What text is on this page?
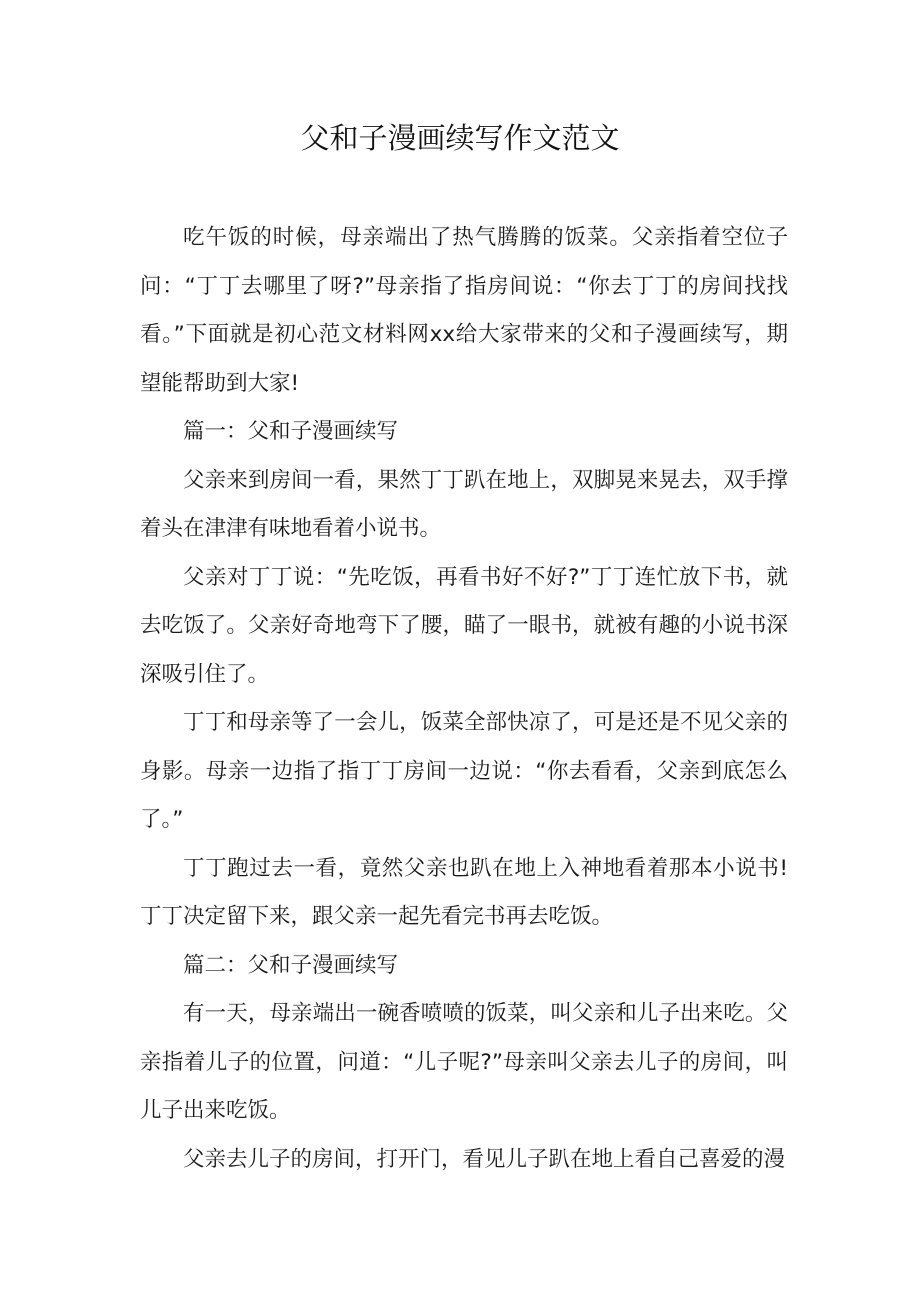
父和子漫画续写作文范文

吃午饭的时候，母亲端出了热气腾腾的饭菜。父亲指着空位子问：“丁丁去哪里了呀?”母亲指了指房间说：“你去丁丁的房间找找看。”下面就是初心范文材料网xx给大家带来的父和子漫画续写，期望能帮助到大家!

篇一：父和子漫画续写

父亲来到房间一看，果然丁丁趴在地上，双脚晃来晃去，双手撑着头在津津有味地看着小说书。

父亲对丁丁说：“先吃饭，再看书好不好?”丁丁连忙放下书，就去吃饭了。父亲好奇地弯下了腰，瞄了一眼书，就被有趣的小说书深深吸引住了。

丁丁和母亲等了一会儿，饭菜全部快凉了，可是还是不见父亲的身影。母亲一边指了指丁丁房间一边说：“你去看看，父亲到底怎么了。”

丁丁跑过去一看，竟然父亲也趴在地上入神地看着那本小说书!丁丁决定留下来，跟父亲一起先看完书再去吃饭。

篇二：父和子漫画续写

有一天，母亲端出一碗香喷喷的饭菜，叫父亲和儿子出来吃。父亲指着儿子的位置，问道：“儿子呢?”母亲叫父亲去儿子的房间，叫儿子出来吃饭。

父亲去儿子的房间，打开门，看见儿子趴在地上看自己喜爱的漫
